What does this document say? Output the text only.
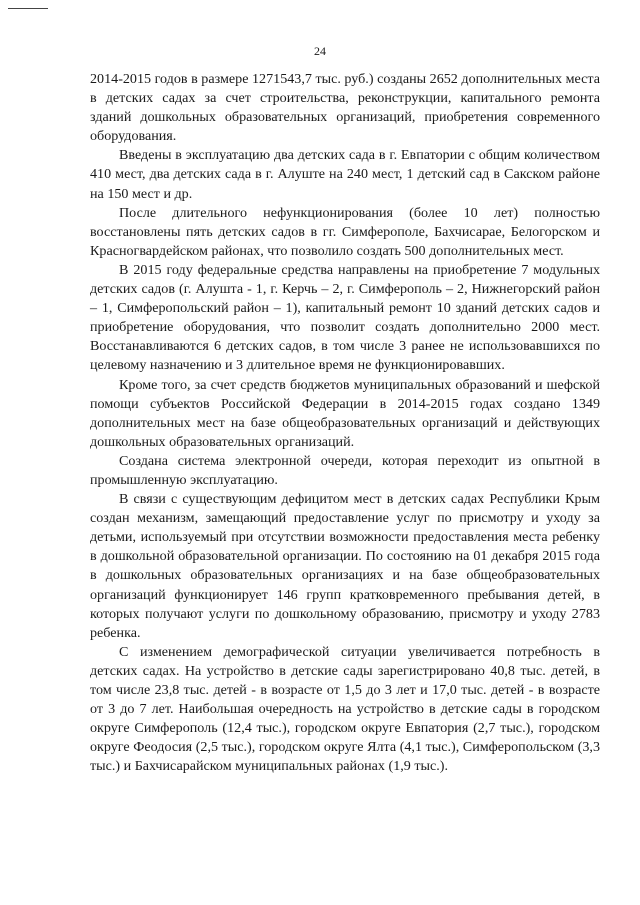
24

2014-2015 годов в размере 1271543,7 тыс. руб.) созданы 2652 дополнительных места в детских садах за счет строительства, реконструкции, капитального ремонта зданий дошкольных образовательных организаций, приобретения современного оборудования.

Введены в эксплуатацию два детских сада в г. Евпатории с общим количеством 410 мест, два детских сада в г. Алуште на 240 мест, 1 детский сад в Сакском районе на 150 мест и др.

После длительного нефункционирования (более 10 лет) полностью восстановлены пять детских садов в гг. Симферополе, Бахчисарае, Белогорском и Красногвардейском районах, что позволило создать 500 дополнительных мест.

В 2015 году федеральные средства направлены на приобретение 7 модульных детских садов (г. Алушта - 1, г. Керчь – 2, г. Симферополь – 2, Нижнегорский район – 1, Симферопольский район – 1), капитальный ремонт 10 зданий детских садов и приобретение оборудования, что позволит создать дополнительно 2000 мест. Восстанавливаются 6 детских садов, в том числе 3 ранее не использовавшихся по целевому назначению и 3 длительное время не функционировавших.

Кроме того, за счет средств бюджетов муниципальных образований и шефской помощи субъектов Российской Федерации в 2014-2015 годах создано 1349 дополнительных мест на базе общеобразовательных организаций и действующих дошкольных образовательных организаций.

Создана система электронной очереди, которая переходит из опытной в промышленную эксплуатацию.

В связи с существующим дефицитом мест в детских садах Республики Крым создан механизм, замещающий предоставление услуг по присмотру и уходу за детьми, используемый при отсутствии возможности предоставления места ребенку в дошкольной образовательной организации. По состоянию на 01 декабря 2015 года в дошкольных образовательных организациях и на базе общеобразовательных организаций функционирует 146 групп кратковременного пребывания детей, в которых получают услуги по дошкольному образованию, присмотру и уходу 2783 ребенка.

С изменением демографической ситуации увеличивается потребность в детских садах. На устройство в детские сады зарегистрировано 40,8 тыс. детей, в том числе 23,8 тыс. детей - в возрасте от 1,5 до 3 лет и 17,0 тыс. детей - в возрасте от 3 до 7 лет. Наибольшая очередность на устройство в детские сады в городском округе Симферополь (12,4 тыс.), городском округе Евпатория (2,7 тыс.), городском округе Феодосия (2,5 тыс.), городском округе Ялта (4,1 тыс.), Симферопольском (3,3 тыс.) и Бахчисарайском муниципальных районах (1,9 тыс.).
